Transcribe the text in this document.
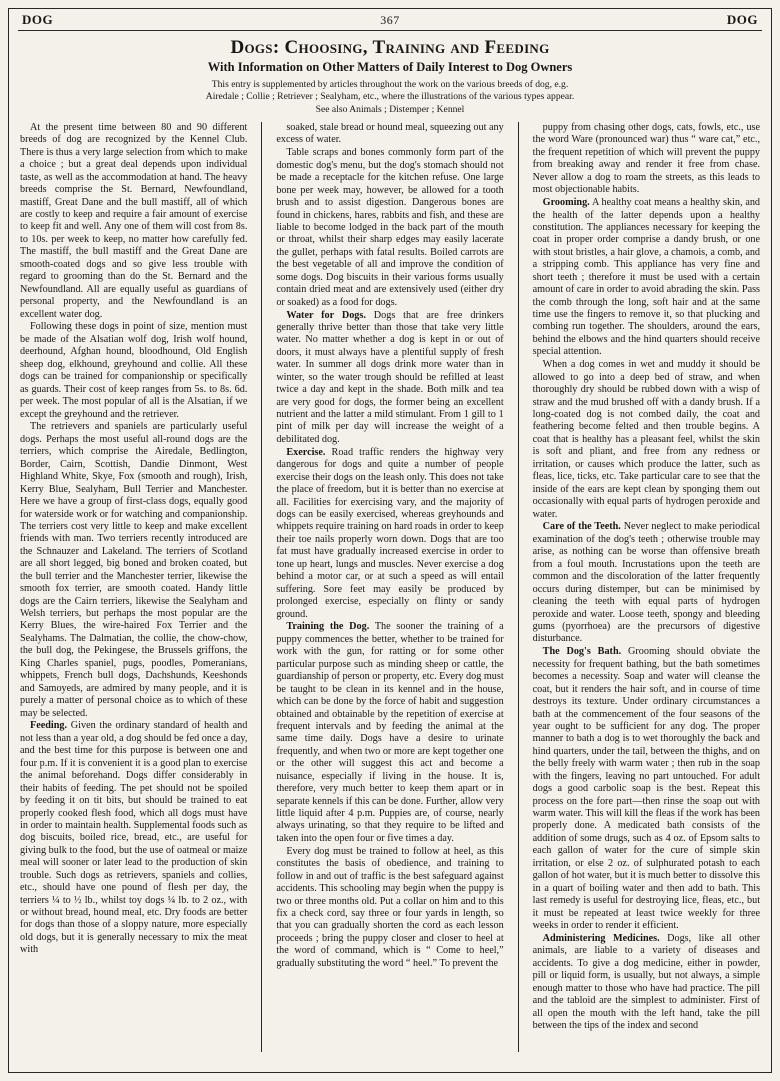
DOG	367	DOG
Dogs: Choosing, Training and Feeding
With Information on Other Matters of Daily Interest to Dog Owners

This entry is supplemented by articles throughout the work on the various breeds of dog, e.g.

Airedale ; Collie ; Retriever ; Sealyham, etc., where the illustrations of the various types appear.

See also Animals ; Distemper ; Kennel

At the present time between 80 and 90 different breeds of dog are recognized by the Kennel Club. There is thus a very large selection from which to make a choice ; but a great deal depends upon individual taste, as well as the accommodation at hand. The heavy breeds comprise the St. Bernard, Newfoundland, mastiff, Great Dane and the bull mastiff, all of which are costly to keep and require a fair amount of exercise to keep fit and well. Any one of them will cost from 8s. to 10s. per week to keep, no matter how carefully fed. The mastiff, the bull mastiff and the Great Dane are smooth-coated dogs and so give less trouble with regard to grooming than do the St. Bernard and the Newfoundland. All are equally useful as guardians of personal property, and the Newfoundland is an excellent water dog.

Following these dogs in point of size, mention must be made of the Alsatian wolf dog, Irish wolf hound, deerhound, Afghan hound, bloodhound, Old English sheep dog, elkhound, greyhound and collie. All these dogs can be trained for companionship or specifically as guards. Their cost of keep ranges from 5s. to 8s. 6d. per week. The most popular of all is the Alsatian, if we except the greyhound and the retriever.

The retrievers and spaniels are particularly useful dogs. Perhaps the most useful all-round dogs are the terriers, which comprise the Airedale, Bedlington, Border, Cairn, Scottish, Dandie Dinmont, West Highland White, Skye, Fox (smooth and rough), Irish, Kerry Blue, Sealyham, Bull Terrier and Manchester. Here we have a group of first-class dogs, equally good for waterside work or for watching and companionship. The terriers cost very little to keep and make excellent friends with man. Two terriers recently introduced are the Schnauzer and Lakeland. The terriers of Scotland are all short legged, big boned and broken coated, but the bull terrier and the Manchester terrier, likewise the smooth fox terrier, are smooth coated. Handy little dogs are the Cairn terriers, likewise the Sealyham and Welsh terriers, but perhaps the most popular are the Kerry Blues, the wire-haired Fox Terrier and the Sealyhams. The Dalmatian, the collie, the chow-chow, the bull dog, the Pekingese, the Brussels griffons, the King Charles spaniel, pugs, poodles, Pomeranians, whippets, French bull dogs, Dachshunds, Keeshonds and Samoyeds, are admired by many people, and it is purely a matter of personal choice as to which of these may be selected.

Feeding. Given the ordinary standard of health and not less than a year old, a dog should be fed once a day, and the best time for this purpose is between one and four p.m. If it is convenient it is a good plan to exercise the animal beforehand. Dogs differ considerably in their habits of feeding. The pet should not be spoiled by feeding it on tit bits, but should be trained to eat properly cooked flesh food, which all dogs must have in order to maintain health. Supplemental foods such as dog biscuits, boiled rice, bread, etc., are useful for giving bulk to the food, but the use of oatmeal or maize meal will sooner or later lead to the production of skin trouble. Such dogs as retrievers, spaniels and collies, etc., should have one pound of flesh per day, the terriers ¼ to ½ lb., whilst toy dogs ¼ lb. to 2 oz., with or without bread, hound meal, etc. Dry foods are better for dogs than those of a sloppy nature, more especially old dogs, but it is generally necessary to mix the meat with

soaked, stale bread or hound meal, squeezing out any excess of water.

Table scraps and bones commonly form part of the domestic dog's menu, but the dog's stomach should not be made a receptacle for the kitchen refuse. One large bone per week may, however, be allowed for a tooth brush and to assist digestion. Dangerous bones are found in chickens, hares, rabbits and fish, and these are liable to become lodged in the back part of the mouth or throat, whilst their sharp edges may easily lacerate the gullet, perhaps with fatal results. Boiled carrots are the best vegetable of all and improve the condition of some dogs. Dog biscuits in their various forms usually contain dried meat and are extensively used (either dry or soaked) as a food for dogs.

Water for Dogs. Dogs that are free drinkers generally thrive better than those that take very little water. No matter whether a dog is kept in or out of doors, it must always have a plentiful supply of fresh water. In summer all dogs drink more water than in winter, so the water trough should be refilled at least twice a day and kept in the shade. Both milk and tea are very good for dogs, the former being an excellent nutrient and the latter a mild stimulant. From 1 gill to 1 pint of milk per day will increase the weight of a debilitated dog.

Exercise. Road traffic renders the highway very dangerous for dogs and quite a number of people exercise their dogs on the leash only. This does not take the place of freedom, but it is better than no exercise at all. Facilities for exercising vary, and the majority of dogs can be easily exercised, whereas greyhounds and whippets require training on hard roads in order to keep their toe nails properly worn down. Dogs that are too fat must have gradually increased exercise in order to tone up heart, lungs and muscles. Never exercise a dog behind a motor car, or at such a speed as will entail suffering. Sore feet may easily be produced by prolonged exercise, especially on flinty or sandy ground.

Training the Dog. The sooner the training of a puppy commences the better, whether to be trained for work with the gun, for ratting or for some other particular purpose such as minding sheep or cattle, the guardianship of person or property, etc. Every dog must be taught to be clean in its kennel and in the house, which can be done by the force of habit and suggestion obtained and obtainable by the repetition of exercise at frequent intervals and by feeding the animal at the same time daily. Dogs have a desire to urinate frequently, and when two or more are kept together one or the other will suggest this act and become a nuisance, especially if living in the house. It is, therefore, very much better to keep them apart or in separate kennels if this can be done. Further, allow very little liquid after 4 p.m. Puppies are, of course, nearly always urinating, so that they require to be lifted and taken into the open four or five times a day.

Every dog must be trained to follow at heel, as this constitutes the basis of obedience, and training to follow in and out of traffic is the best safeguard against accidents. This schooling may begin when the puppy is two or three months old. Put a collar on him and to this fix a check cord, say three or four yards in length, so that you can gradually shorten the cord as each lesson proceeds ; bring the puppy closer and closer to heel at the word of command, which is “ Come to heel,” gradually substituting the word “ heel.” To prevent the

puppy from chasing other dogs, cats, fowls, etc., use the word Ware (pronounced war) thus “ ware cat,” etc., the frequent repetition of which will prevent the puppy from breaking away and render it free from chase. Never allow a dog to roam the streets, as this leads to most objectionable habits.

Grooming. A healthy coat means a healthy skin, and the health of the latter depends upon a healthy constitution. The appliances necessary for keeping the coat in proper order comprise a dandy brush, or one with stout bristles, a hair glove, a chamois, a comb, and a stripping comb. This appliance has very fine and short teeth ; therefore it must be used with a certain amount of care in order to avoid abrading the skin. Pass the comb through the long, soft hair and at the same time use the fingers to remove it, so that plucking and combing run together. The shoulders, around the ears, behind the elbows and the hind quarters should receive special attention.

When a dog comes in wet and muddy it should be allowed to go into a deep bed of straw, and when thoroughly dry should be rubbed down with a wisp of straw and the mud brushed off with a dandy brush. If a long-coated dog is not combed daily, the coat and feathering become felted and then trouble begins. A coat that is healthy has a pleasant feel, whilst the skin is soft and pliant, and free from any redness or irritation, or causes which produce the latter, such as fleas, lice, ticks, etc. Take particular care to see that the inside of the ears are kept clean by sponging them out occasionally with equal parts of hydrogen peroxide and water.

Care of the Teeth. Never neglect to make periodical examination of the dog's teeth ; otherwise trouble may arise, as nothing can be worse than offensive breath from a foul mouth. Incrustations upon the teeth are common and the discoloration of the latter frequently occurs during distemper, but can be minimised by cleaning the teeth with equal parts of hydrogen peroxide and water. Loose teeth, spongy and bleeding gums (pyorrhoea) are the precursors of digestive disturbance.

The Dog's Bath. Grooming should obviate the necessity for frequent bathing, but the bath sometimes becomes a necessity. Soap and water will cleanse the coat, but it renders the hair soft, and in course of time destroys its texture. Under ordinary circumstances a bath at the commencement of the four seasons of the year ought to be sufficient for any dog. The proper manner to bath a dog is to wet thoroughly the back and hind quarters, under the tail, between the thighs, and on the belly freely with warm water ; then rub in the soap with the fingers, leaving no part untouched. For adult dogs a good carbolic soap is the best. Repeat this process on the fore part—then rinse the soap out with warm water. This will kill the fleas if the work has been properly done. A medicated bath consists of the addition of some drugs, such as 4 oz. of Epsom salts to each gallon of water for the cure of simple skin irritation, or else 2 oz. of sulphurated potash to each gallon of hot water, but it is much better to dissolve this in a quart of boiling water and then add to bath. This last remedy is useful for destroying lice, fleas, etc., but it must be repeated at least twice weekly for three weeks in order to render it efficient.

Administering Medicines. Dogs, like all other animals, are liable to a variety of diseases and accidents. To give a dog medicine, either in powder, pill or liquid form, is usually, but not always, a simple enough matter to those who have had practice. The pill and the tabloid are the simplest to administer. First of all open the mouth with the left hand, take the pill between the tips of the index and second
